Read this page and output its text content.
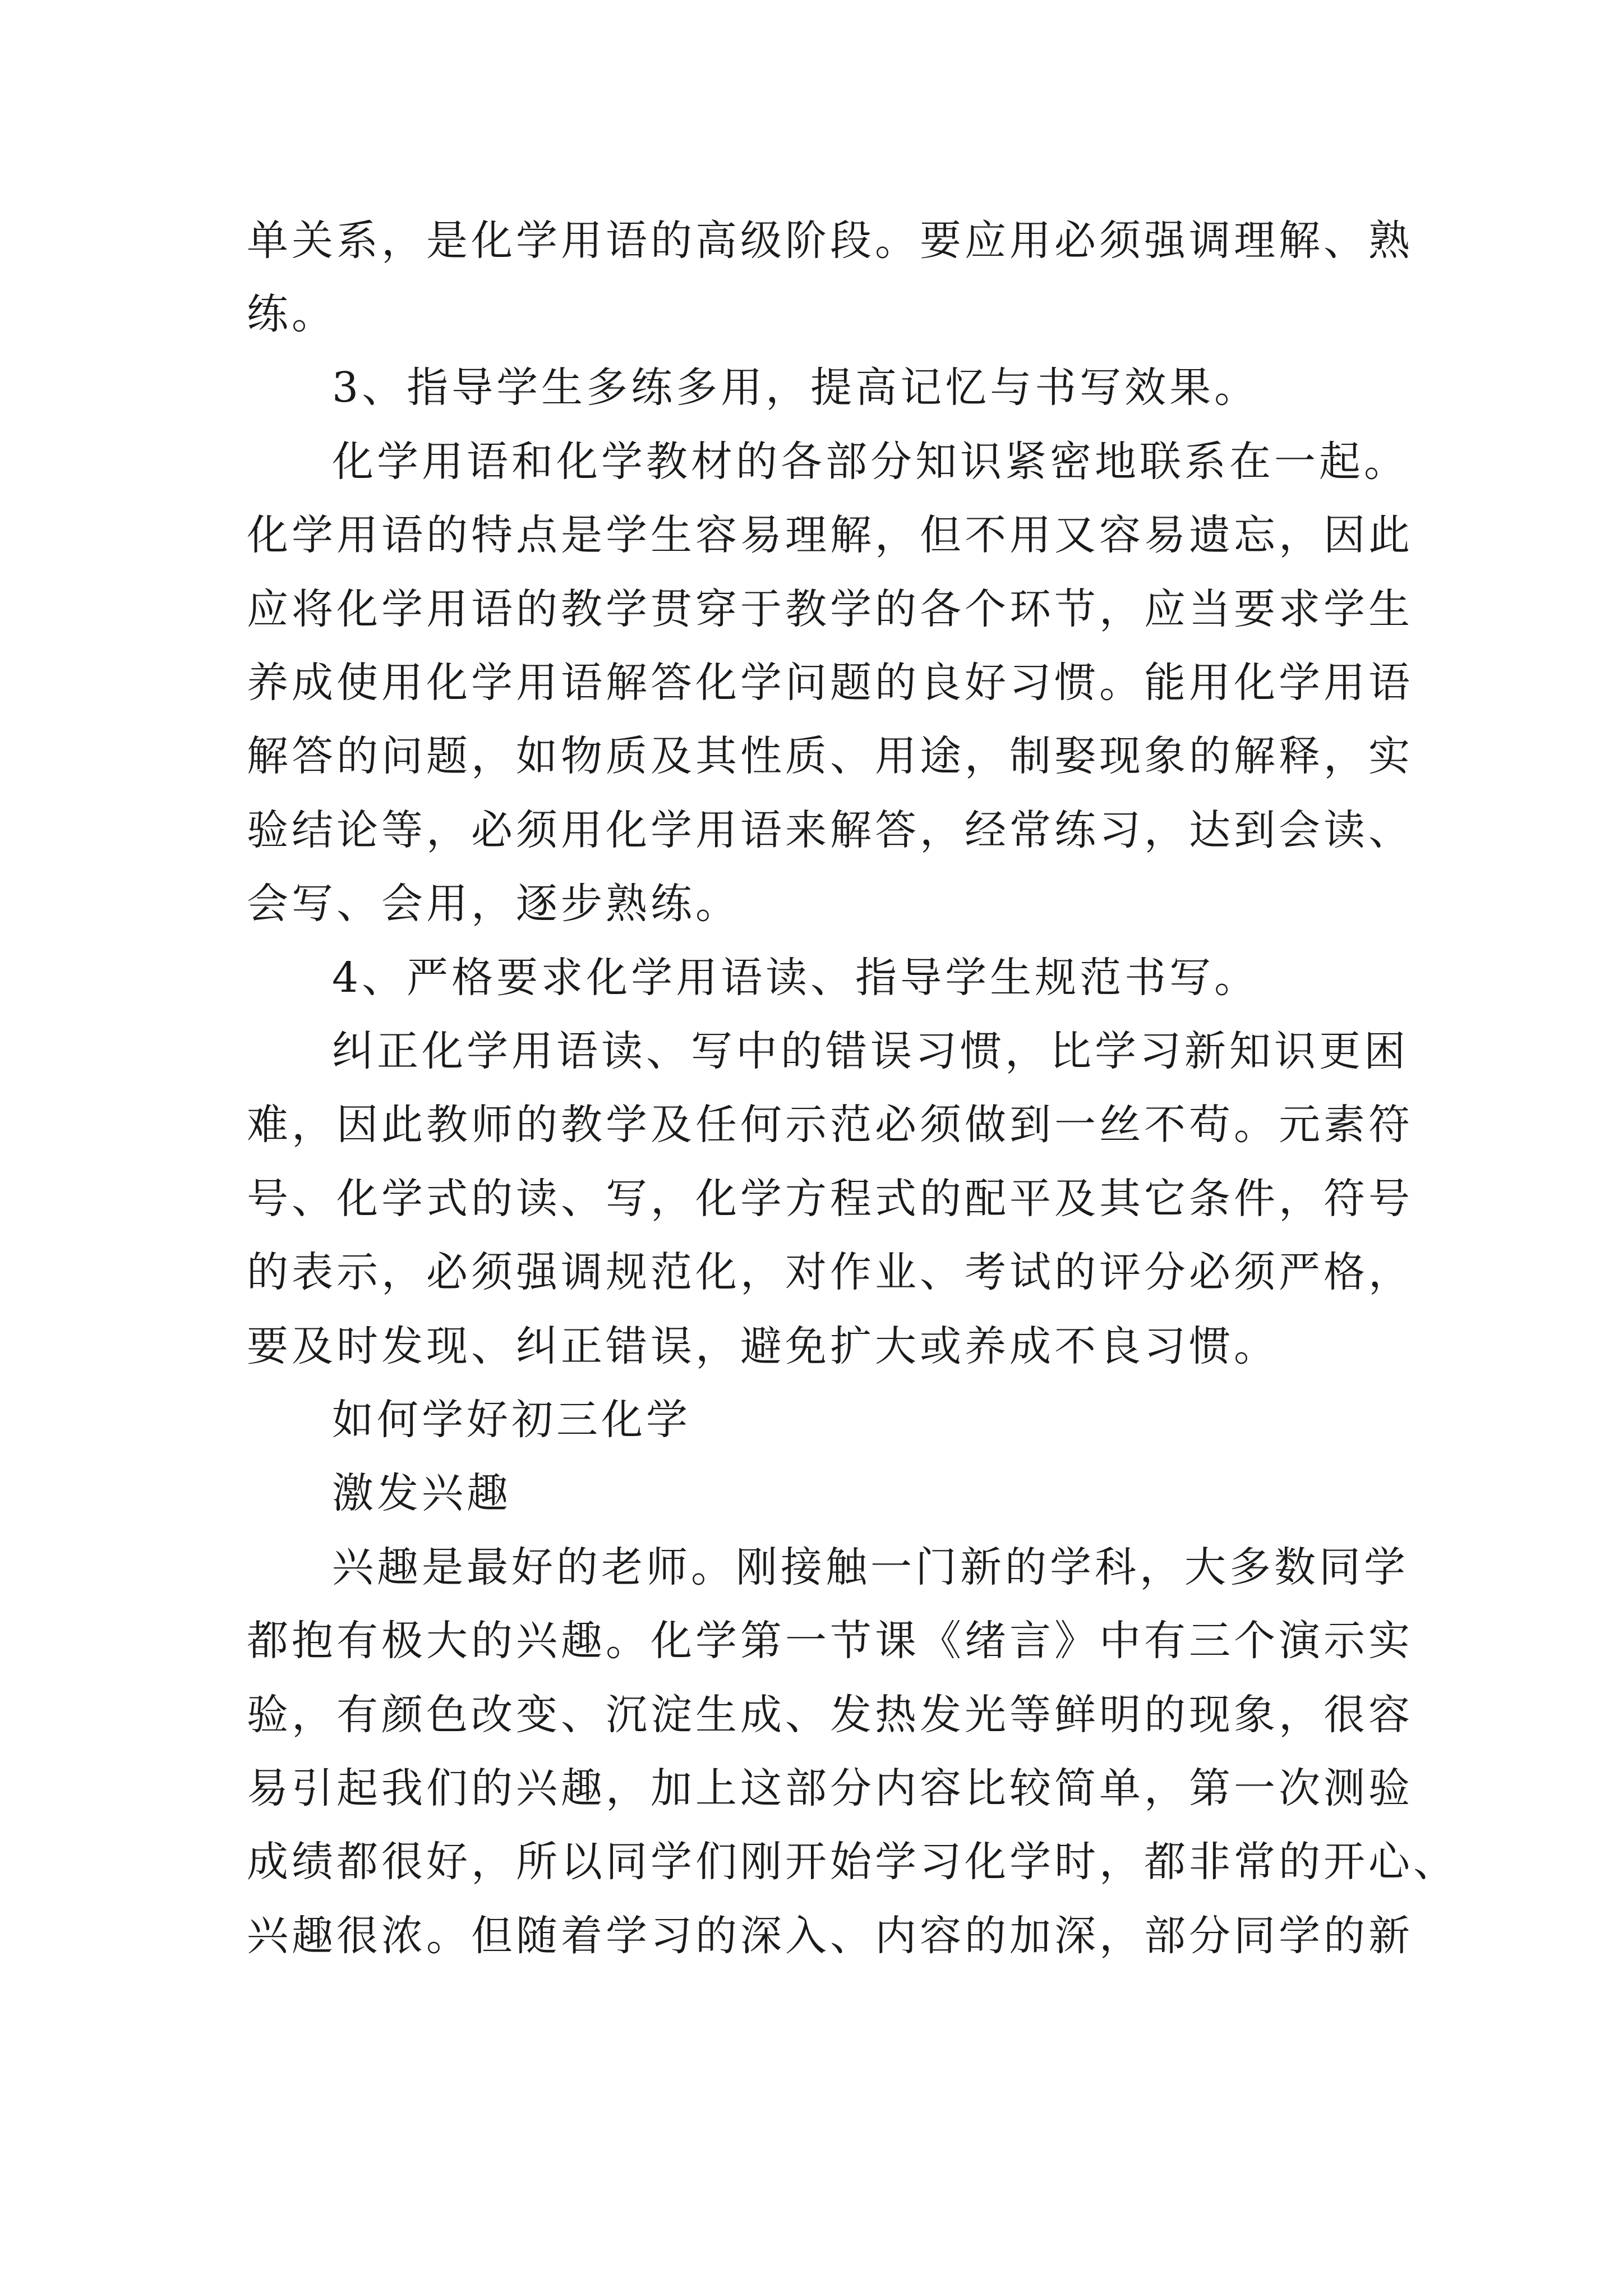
单关系，是化学用语的高级阶段。要应用必须强调理解、熟
练。
3、指导学生多练多用，提高记忆与书写效果。
化学用语和化学教材的各部分知识紧密地联系在一起。
化学用语的特点是学生容易理解，但不用又容易遗忘，因此
应将化学用语的教学贯穿于教学的各个环节，应当要求学生
养成使用化学用语解答化学问题的良好习惯。能用化学用语
解答的问题，如物质及其性质、用途，制娶现象的解释，实
验结论等，必须用化学用语来解答，经常练习，达到会读、
会写、会用，逐步熟练。
4、严格要求化学用语读、指导学生规范书写。
纠正化学用语读、写中的错误习惯，比学习新知识更困
难，因此教师的教学及任何示范必须做到一丝不苟。元素符
号、化学式的读、写，化学方程式的配平及其它条件，符号
的表示，必须强调规范化，对作业、考试的评分必须严格，
要及时发现、纠正错误，避免扩大或养成不良习惯。
如何学好初三化学
激发兴趣
兴趣是最好的老师。刚接触一门新的学科，大多数同学
都抱有极大的兴趣。化学第一节课《绪言》中有三个演示实
验，有颜色改变、沉淀生成、发热发光等鲜明的现象，很容
易引起我们的兴趣，加上这部分内容比较简单，第一次测验
成绩都很好，所以同学们刚开始学习化学时，都非常的开心、
兴趣很浓。但随着学习的深入、内容的加深，部分同学的新
